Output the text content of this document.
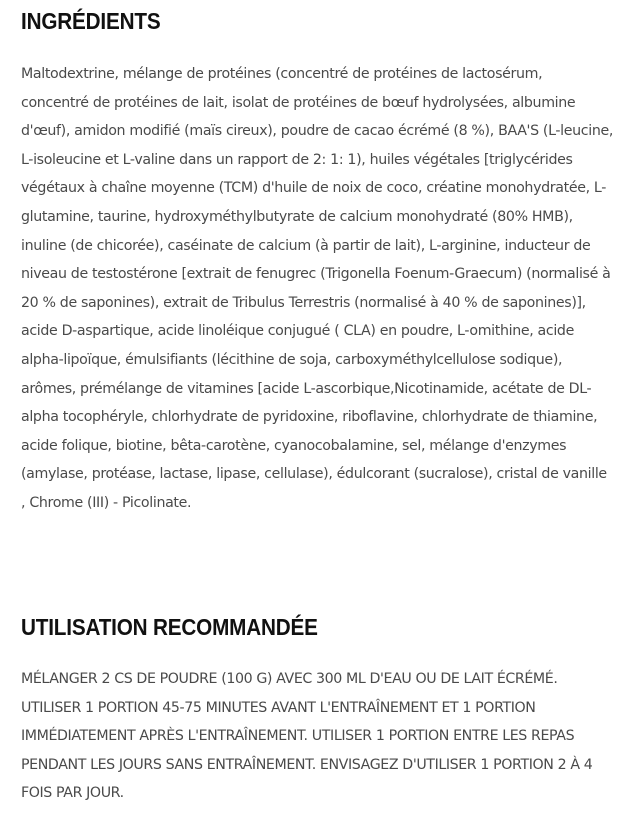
INGRÉDIENTS

Maltodextrine, mélange de protéines (concentré de protéines de lactosérum, concentré de protéines de lait, isolat de protéines de bœuf hydrolysées, albumine d'œuf), amidon modifié (maïs cireux), poudre de cacao écrémé (8 %), BAA'S (L-leucine, L-isoleucine et L-valine dans un rapport de 2: 1: 1), huiles végétales [triglycérides végétaux à chaîne moyenne (TCM) d'huile de noix de coco, créatine monohydratée, L-glutamine, taurine, hydroxyméthylbutyrate de calcium monohydraté (80% HMB), inuline (de chicorée), caséinate de calcium (à partir de lait), L-arginine, inducteur de niveau de testostérone [extrait de fenugrec (Trigonella Foenum-Graecum) (normalisé à 20 % de saponines), extrait de Tribulus Terrestris (normalisé à 40 % de saponines)], acide D-aspartique, acide linoléique conjugué ( CLA) en poudre, L-omithine, acide alpha-lipoïque, émulsifiants (lécithine de soja, carboxyméthylcellulose sodique), arômes, prémélange de vitamines [acide L-ascorbique,Nicotinamide, acétate de DL-alpha tocophéryle, chlorhydrate de pyridoxine, riboflavine, chlorhydrate de thiamine, acide folique, biotine, bêta-carotène, cyanocobalamine, sel, mélange d'enzymes (amylase, protéase, lactase, lipase, cellulase), édulcorant (sucralose), cristal de vanille , Chrome (III) - Picolinate.

UTILISATION RECOMMANDÉE

MÉLANGER 2 CS DE POUDRE (100 G) AVEC 300 ML D'EAU OU DE LAIT ÉCRÉMÉ. UTILISER 1 PORTION 45-75 MINUTES AVANT L'ENTRAÎNEMENT ET 1 PORTION IMMÉDIATEMENT APRÈS L'ENTRAÎNEMENT. UTILISER 1 PORTION ENTRE LES REPAS PENDANT LES JOURS SANS ENTRAÎNEMENT. ENVISAGEZ D'UTILISER 1 PORTION 2 À 4 FOIS PAR JOUR.
